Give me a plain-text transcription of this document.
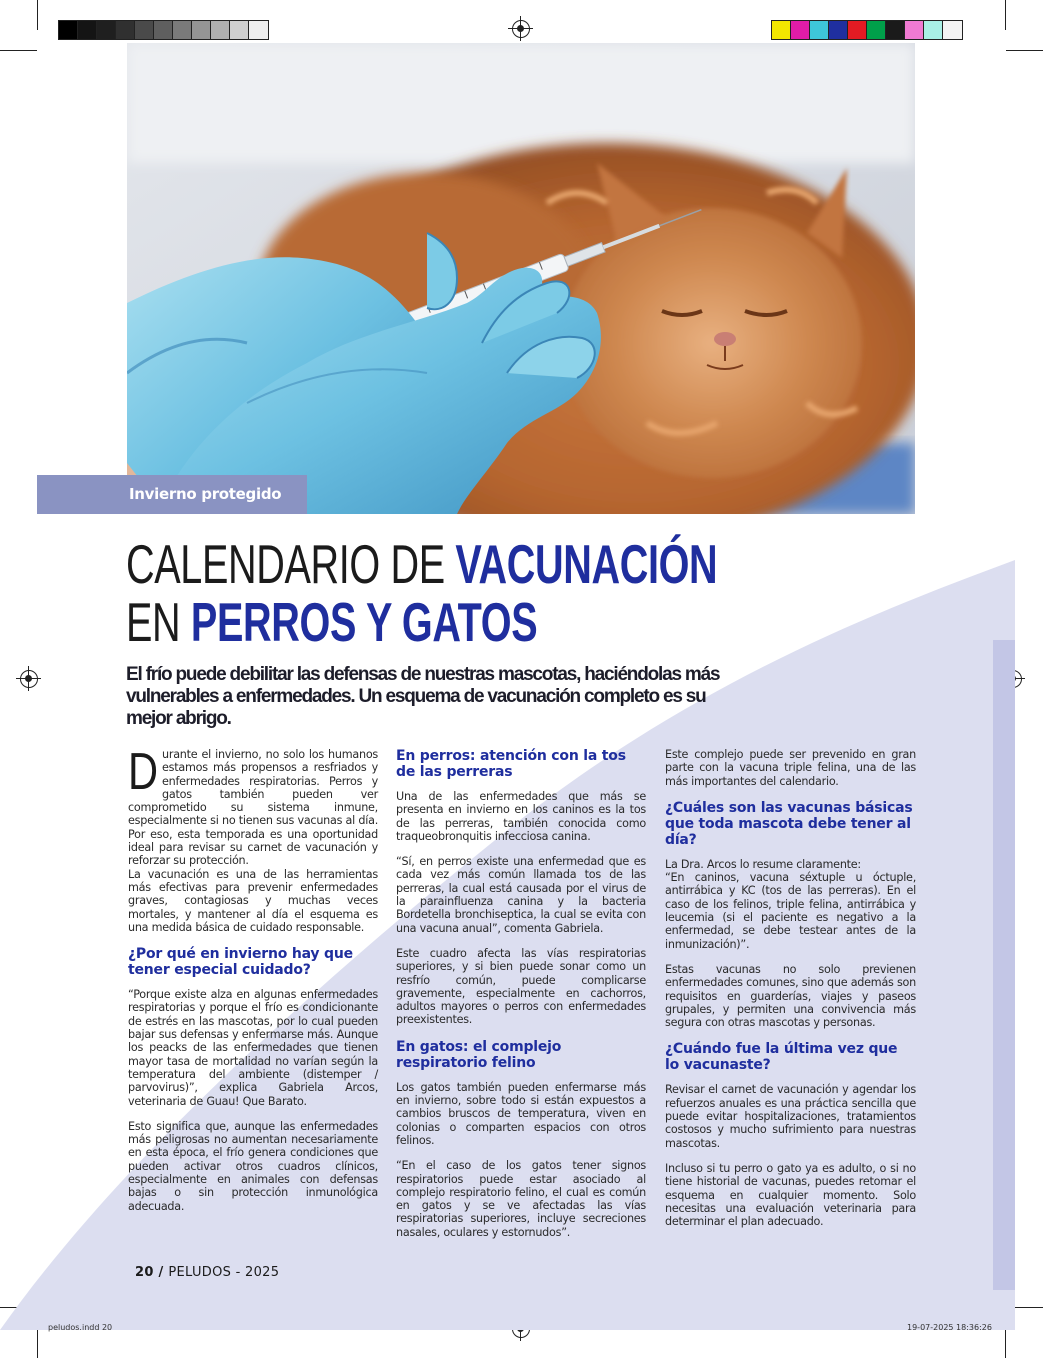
Invierno protegido
CALENDARIO DE VACUNACIÓN
EN PERROS Y GATOS
El frío puede debilitar las defensas de nuestras mascotas, haciéndolas más vulnerables a enfermedades. Un esquema de vacunación completo es su mejor abrigo.
D urante el invierno, no solo los humanos estamos más propensos a resfriados y enfermedades respiratorias. Perros y gatos también pueden ver comprometido su sistema inmune, especialmente si no tienen sus vacunas al día. Por eso, esta temporada es una oportunidad ideal para revisar su carnet de vacunación y reforzar su protección.

La vacunación es una de las herramientas más efectivas para prevenir enfermedades graves, contagiosas y muchas veces mortales, y mantener al día el esquema es una medida básica de cuidado responsable.

¿Por qué en invierno hay que tener especial cuidado?

“Porque existe alza en algunas enfermedades respiratorias y porque el frío es condicionante de estrés en las mascotas, por lo cual pueden bajar sus defensas y enfermarse más. Aunque los peacks de las enfermedades que tienen mayor tasa de mortalidad no varían según la temperatura del ambiente (distemper / parvovirus)”, explica Gabriela Arcos, veterinaria de Guau! Que Barato.

Esto significa que, aunque las enfermedades más peligrosas no aumentan necesariamente en esta época, el frío genera condiciones que pueden activar otros cuadros clínicos, especialmente en animales con defensas bajas o sin protección inmunológica adecuada.

En perros: atención con la tos de las perreras

Una de las enfermedades que más se presenta en invierno en los caninos es la tos de las perreras, también conocida como traqueobronquitis infecciosa canina.

“Sí, en perros existe una enfermedad que es cada vez más común llamada tos de las perreras, la cual está causada por el virus de la parainfluenza canina y la bacteria Bordetella bronchiseptica, la cual se evita con una vacuna anual”, comenta Gabriela.

Este cuadro afecta las vías respiratorias superiores, y si bien puede sonar como un resfrío común, puede complicarse gravemente, especialmente en cachorros, adultos mayores o perros con enfermedades preexistentes.

En gatos: el complejo respiratorio felino

Los gatos también pueden enfermarse más en invierno, sobre todo si están expuestos a cambios bruscos de temperatura, viven en colonias o comparten espacios con otros felinos.

“En el caso de los gatos tener signos respiratorios puede estar asociado al complejo respiratorio felino, el cual es común en gatos y se ve afectadas las vías respiratorias superiores, incluye secreciones nasales, oculares y estornudos”.

Este complejo puede ser prevenido en gran parte con la vacuna triple felina, una de las más importantes del calendario.

¿Cuáles son las vacunas básicas que toda mascota debe tener al día?

La Dra. Arcos lo resume claramente:

“En caninos, vacuna séxtuple u óctuple, antirrábica y KC (tos de las perreras). En el caso de los felinos, triple felina, antirrábica y leucemia (si el paciente es negativo a la enfermedad, se debe testear antes de la inmunización)”.

Estas vacunas no solo previenen enfermedades comunes, sino que además son requisitos en guarderías, viajes y paseos grupales, y permiten una convivencia más segura con otras mascotas y personas.

¿Cuándo fue la última vez que lo vacunaste?

Revisar el carnet de vacunación y agendar los refuerzos anuales es una práctica sencilla que puede evitar hospitalizaciones, tratamientos costosos y mucho sufrimiento para nuestras mascotas.

Incluso si tu perro o gato ya es adulto, o si no tiene historial de vacunas, puedes retomar el esquema en cualquier momento. Solo necesitas una evaluación veterinaria para determinar el plan adecuado.

20 / PELUDOS - 2025
peludos.indd 20	19-07-2025 18:36:26
